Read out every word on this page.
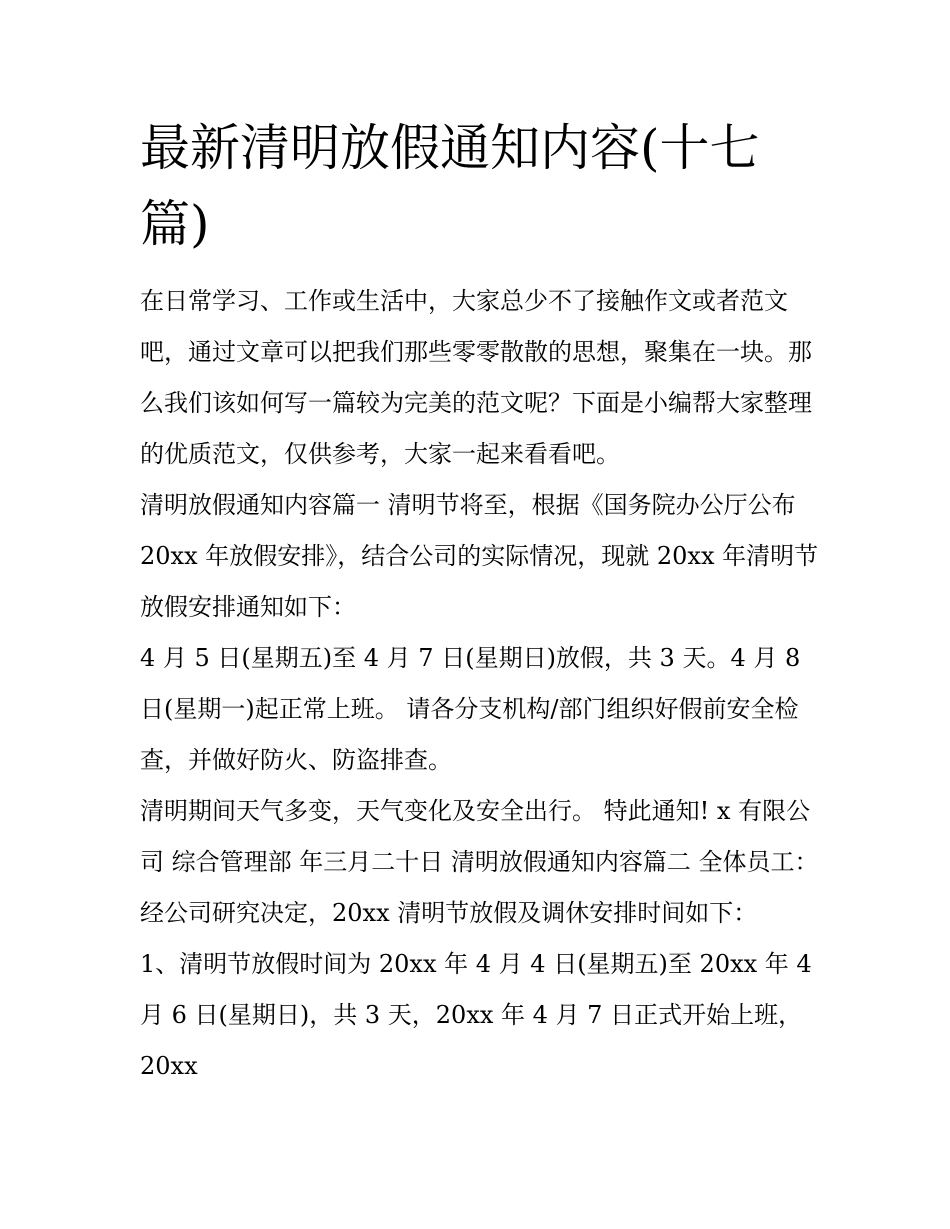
最新清明放假通知内容(十七篇)

在日常学习、工作或生活中，大家总少不了接触作文或者范文吧，通过文章可以把我们那些零零散散的思想，聚集在一块。那么我们该如何写一篇较为完美的范文呢？下面是小编帮大家整理的优质范文，仅供参考，大家一起来看看吧。

清明放假通知内容篇一 清明节将至，根据《国务院办公厅公布 20xx 年放假安排》，结合公司的实际情况，现就 20xx 年清明节放假安排通知如下：

4 月 5 日(星期五)至 4 月 7 日(星期日)放假，共 3 天。4 月 8 日(星期一)起正常上班。 请各分支机构/部门组织好假前安全检查，并做好防火、防盗排查。

清明期间天气多变，天气变化及安全出行。 特此通知! x 有限公司 综合管理部 年三月二十日 清明放假通知内容篇二 全体员工：

经公司研究决定，20xx 清明节放假及调休安排时间如下：

1、清明节放假时间为 20xx 年 4 月 4 日(星期五)至 20xx 年 4 月 6 日(星期日)，共 3 天，20xx 年 4 月 7 日正式开始上班，20xx
